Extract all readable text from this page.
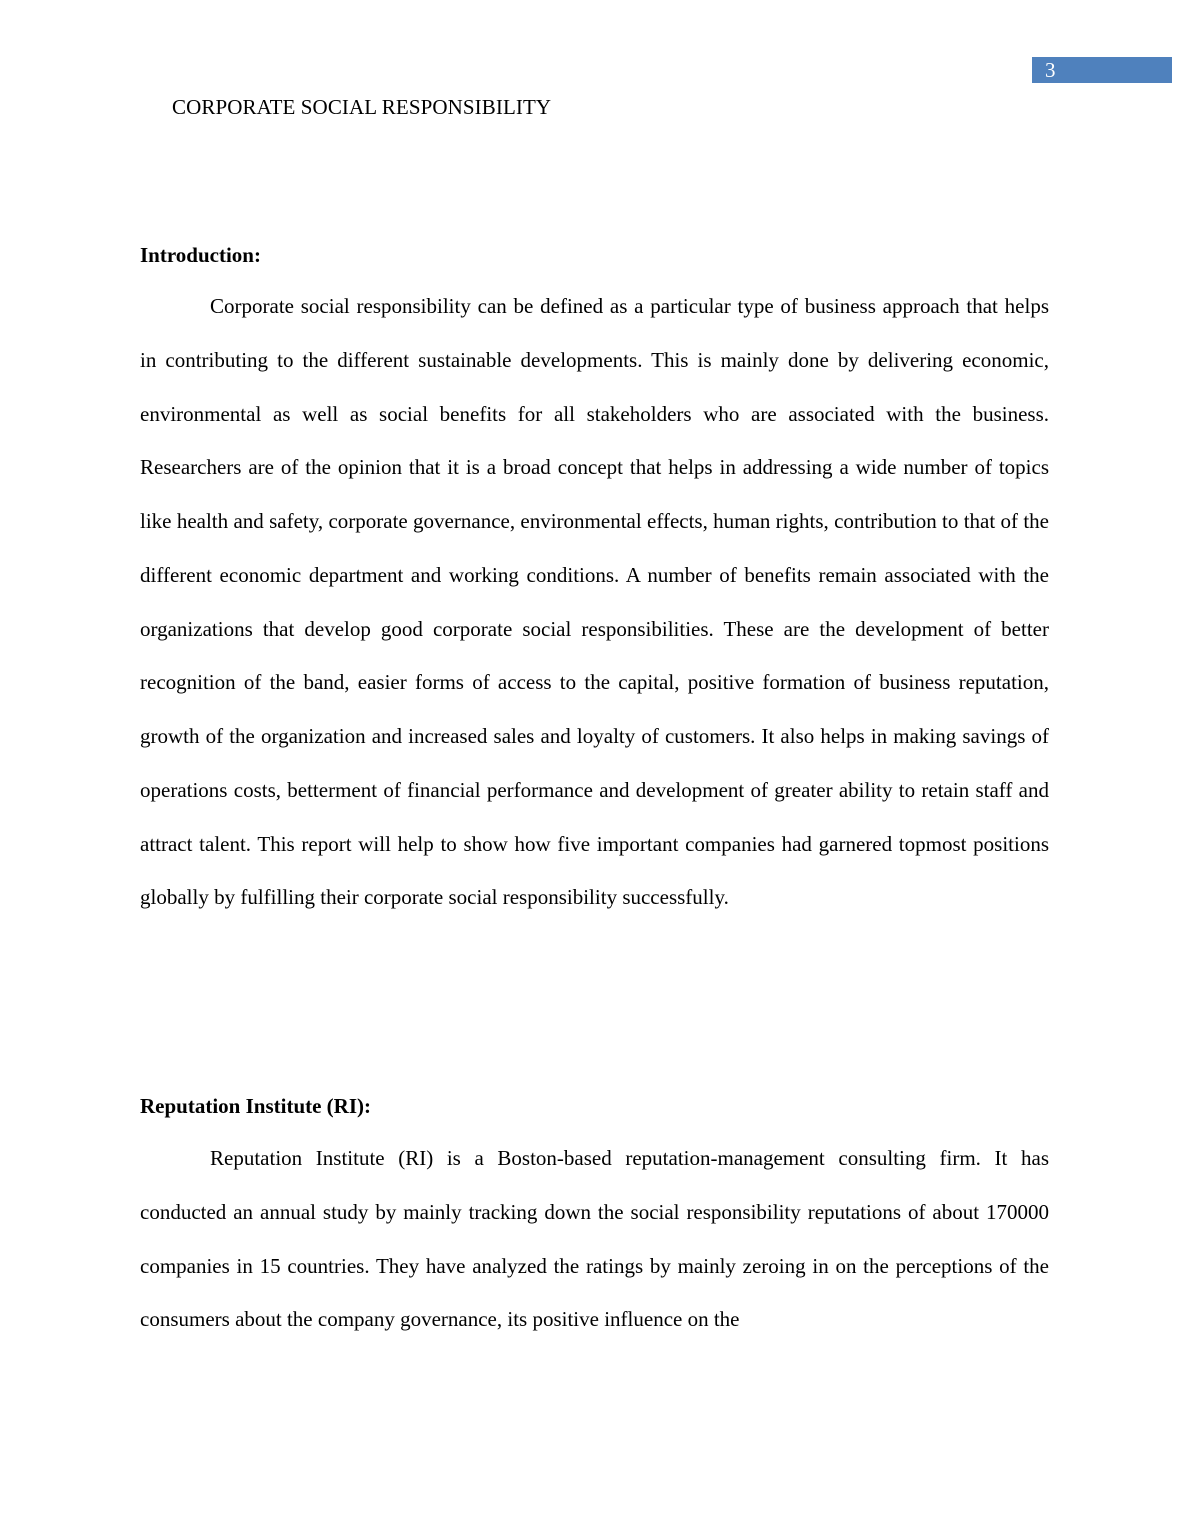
3
CORPORATE SOCIAL RESPONSIBILITY
Introduction:

Corporate social responsibility can be defined as a particular type of business approach that helps in contributing to the different sustainable developments. This is mainly done by delivering economic, environmental as well as social benefits for all stakeholders who are associated with the business. Researchers are of the opinion that it is a broad concept that helps in addressing a wide number of topics like health and safety, corporate governance, environmental effects, human rights, contribution to that of the different economic department and working conditions. A number of benefits remain associated with the organizations that develop good corporate social responsibilities. These are the development of better recognition of the band, easier forms of access to the capital, positive formation of business reputation, growth of the organization and increased sales and loyalty of customers. It also helps in making savings of operations costs, betterment of financial performance and development of greater ability to retain staff and attract talent. This report will help to show how five important companies had garnered topmost positions globally by fulfilling their corporate social responsibility successfully.

Reputation Institute (RI):

Reputation Institute (RI) is a Boston-based reputation-management consulting firm. It has conducted an annual study by mainly tracking down the social responsibility reputations of about 170000 companies in 15 countries. They have analyzed the ratings by mainly zeroing in on the perceptions of the consumers about the company governance, its positive influence on the
